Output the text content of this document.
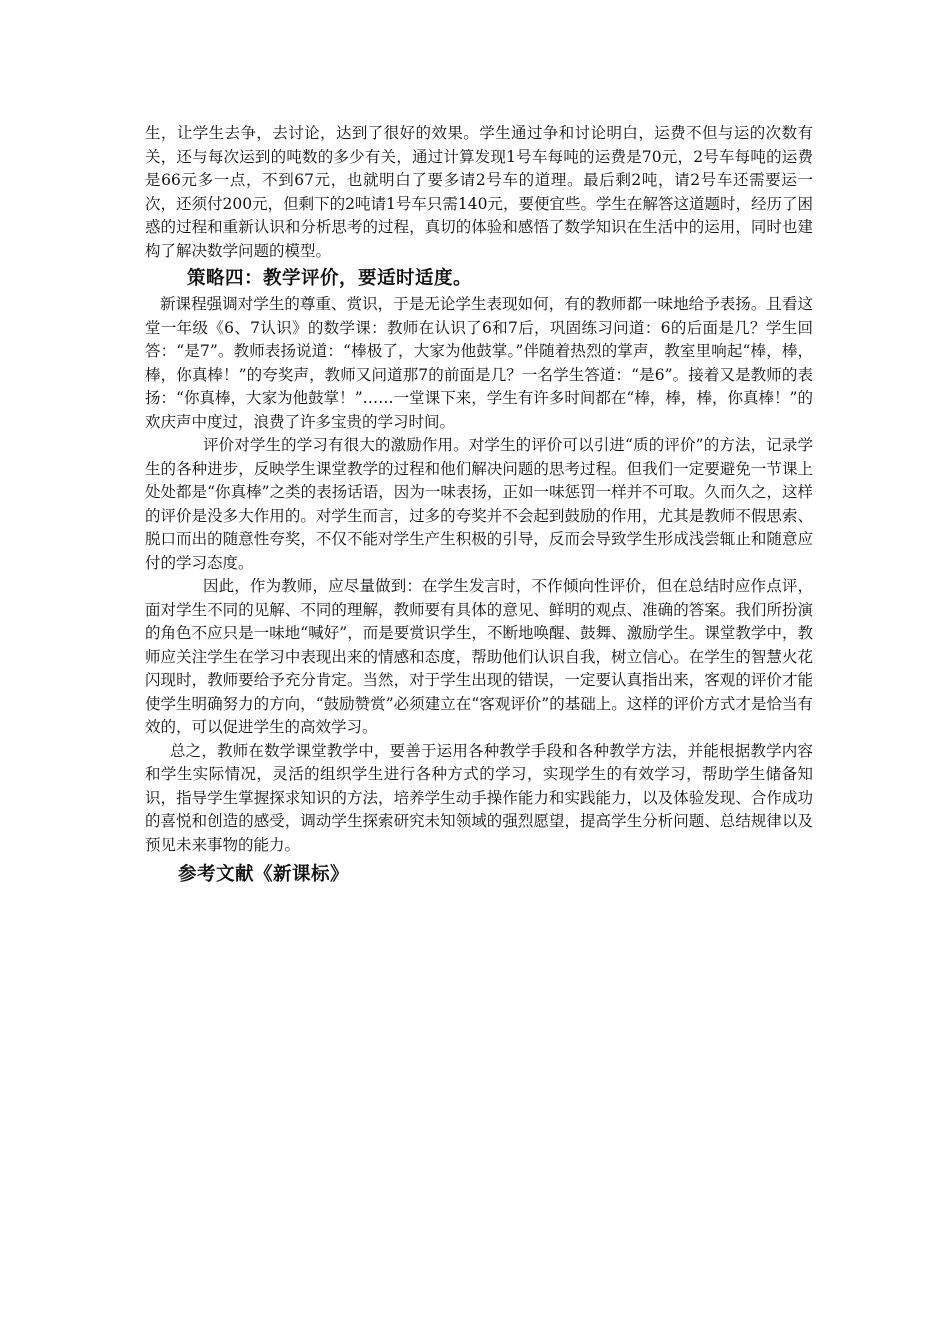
生，让学生去争，去讨论，达到了很好的效果。学生通过争和讨论明白，运费不但与运的次数有关，还与每次运到的吨数的多少有关，通过计算发现1号车每吨的运费是70元，2号车每吨的运费是66元多一点，不到67元，也就明白了要多请2号车的道理。最后剩2吨，请2号车还需要运一次，还须付200元，但剩下的2吨请1号车只需140元，要便宜些。学生在解答这道题时，经历了困惑的过程和重新认识和分析思考的过程，真切的体验和感悟了数学知识在生活中的运用，同时也建构了解决数学问题的模型。

策略四：教学评价，要适时适度。

新课程强调对学生的尊重、赏识，于是无论学生表现如何，有的教师都一味地给予表扬。且看这堂一年级《6、7认识》的数学课：教师在认识了6和7后，巩固练习问道：6的后面是几？学生回答：“是7”。教师表扬说道：“棒极了，大家为他鼓掌。”伴随着热烈的掌声，教室里响起“棒，棒，棒，你真棒！”的夸奖声，教师又问道那7的前面是几？一名学生答道：“是6”。接着又是教师的表扬：“你真棒，大家为他鼓掌！”……一堂课下来，学生有许多时间都在“棒，棒，棒，你真棒！”的欢庆声中度过，浪费了许多宝贵的学习时间。

评价对学生的学习有很大的激励作用。对学生的评价可以引进“质的评价”的方法，记录学生的各种进步，反映学生课堂教学的过程和他们解决问题的思考过程。但我们一定要避免一节课上处处都是“你真棒”之类的表扬话语，因为一味表扬，正如一味惩罚一样并不可取。久而久之，这样的评价是没多大作用的。对学生而言，过多的夸奖并不会起到鼓励的作用，尤其是教师不假思索、脱口而出的随意性夸奖，不仅不能对学生产生积极的引导，反而会导致学生形成浅尝辄止和随意应付的学习态度。

因此，作为教师，应尽量做到：在学生发言时，不作倾向性评价，但在总结时应作点评，面对学生不同的见解、不同的理解，教师要有具体的意见、鲜明的观点、准确的答案。我们所扮演的角色不应只是一味地“喊好”，而是要赏识学生，不断地唤醒、鼓舞、激励学生。课堂教学中，教师应关注学生在学习中表现出来的情感和态度，帮助他们认识自我，树立信心。在学生的智慧火花闪现时，教师要给予充分肯定。当然，对于学生出现的错误，一定要认真指出来，客观的评价才能使学生明确努力的方向，“鼓励赞赏”必须建立在“客观评价”的基础上。这样的评价方式才是恰当有效的，可以促进学生的高效学习。

总之，教师在数学课堂教学中，要善于运用各种教学手段和各种教学方法，并能根据教学内容和学生实际情况，灵活的组织学生进行各种方式的学习，实现学生的有效学习，帮助学生储备知识，指导学生掌握探求知识的方法，培养学生动手操作能力和实践能力，以及体验发现、合作成功的喜悦和创造的感受，调动学生探索研究未知领域的强烈愿望，提高学生分析问题、总结规律以及预见未来事物的能力。

参考文献《新课标》
